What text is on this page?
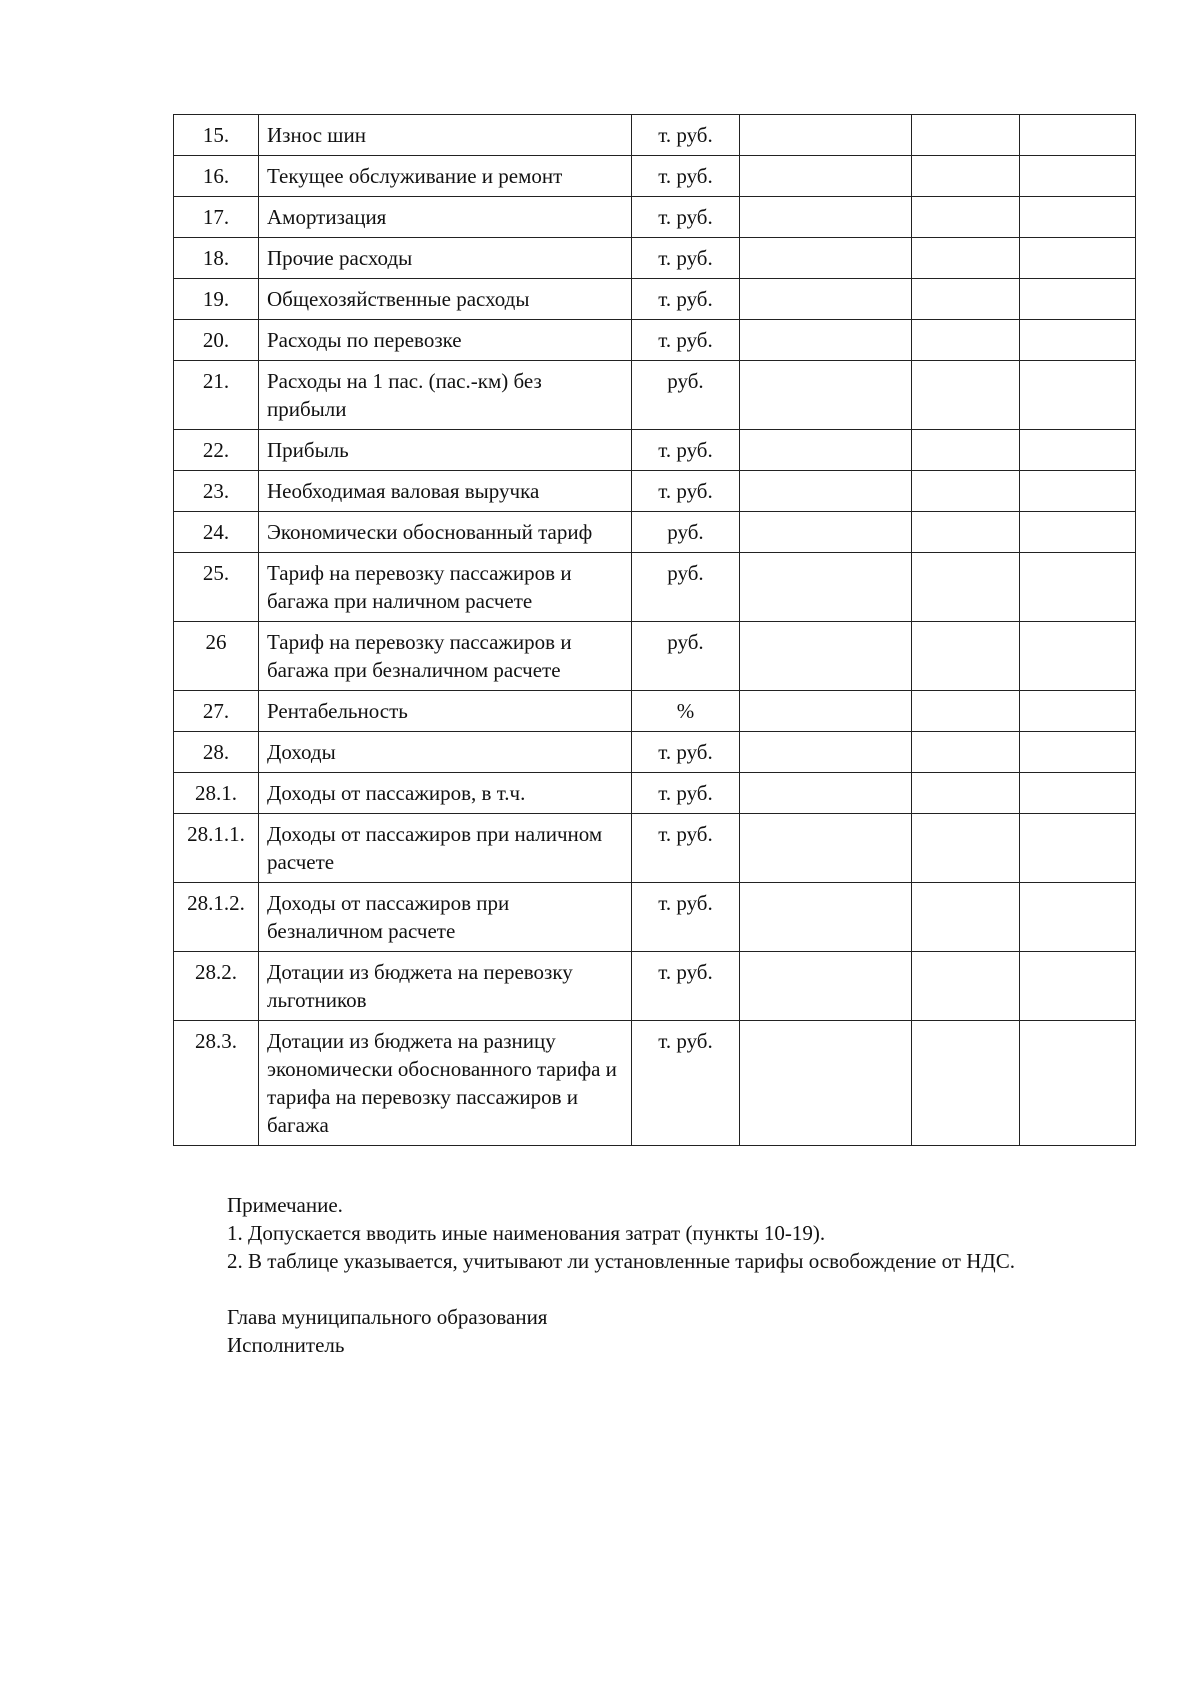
15.	Износ шин	т. руб.			
16.	Текущее обслуживание и ремонт	т. руб.			
17.	Амортизация	т. руб.			
18.	Прочие расходы	т. руб.			
19.	Общехозяйственные расходы	т. руб.			
20.	Расходы по перевозке	т. руб.			
21.	Расходы на 1 пас. (пас.-км) без прибыли	руб.			
22.	Прибыль	т. руб.			
23.	Необходимая валовая выручка	т. руб.			
24.	Экономически обоснованный тариф	руб.			
25.	Тариф на перевозку пассажиров и багажа при наличном расчете	руб.			
26	Тариф на перевозку пассажиров и багажа при безналичном расчете	руб.			
27.	Рентабельность	%			
28.	Доходы	т. руб.			
28.1.	Доходы от пассажиров, в т.ч.	т. руб.			
28.1.1.	Доходы от пассажиров при наличном расчете	т. руб.			
28.1.2.	Доходы от пассажиров при безналичном расчете	т. руб.			
28.2.	Дотации из бюджета на перевозку льготников	т. руб.			
28.3.	Дотации из бюджета на разницу экономически обоснованного тарифа и тарифа на перевозку пассажиров и багажа	т. руб.			
Примечание.
1. Допускается вводить иные наименования затрат (пункты 10-19).
2. В таблице указывается, учитывают ли установленные тарифы освобождение от НДС.
Глава муниципального образования
Исполнитель
